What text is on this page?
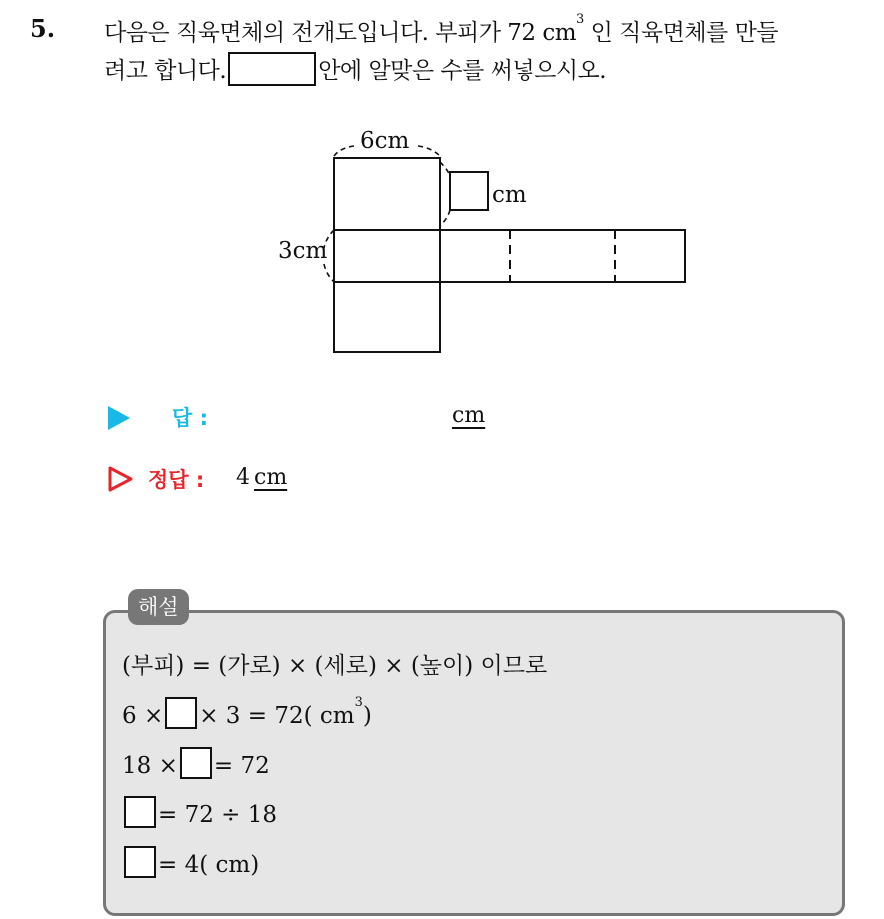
5. 다음은 직육면체의 전개도입니다. 부피가 72 $cm^3$ 인 직육면체를 만들
려고 합니다.	안에 알맞은 수를 써넣으시오.
6cm
3cm
cm
답 :	cm
정답 : 4 cm
해설
(부피) = (가로) × (세로) × (높이) 이므로
6 × × 3 = 72( $cm^3$)
18 × = 72
= 72 ÷ 18
= 4( cm)
